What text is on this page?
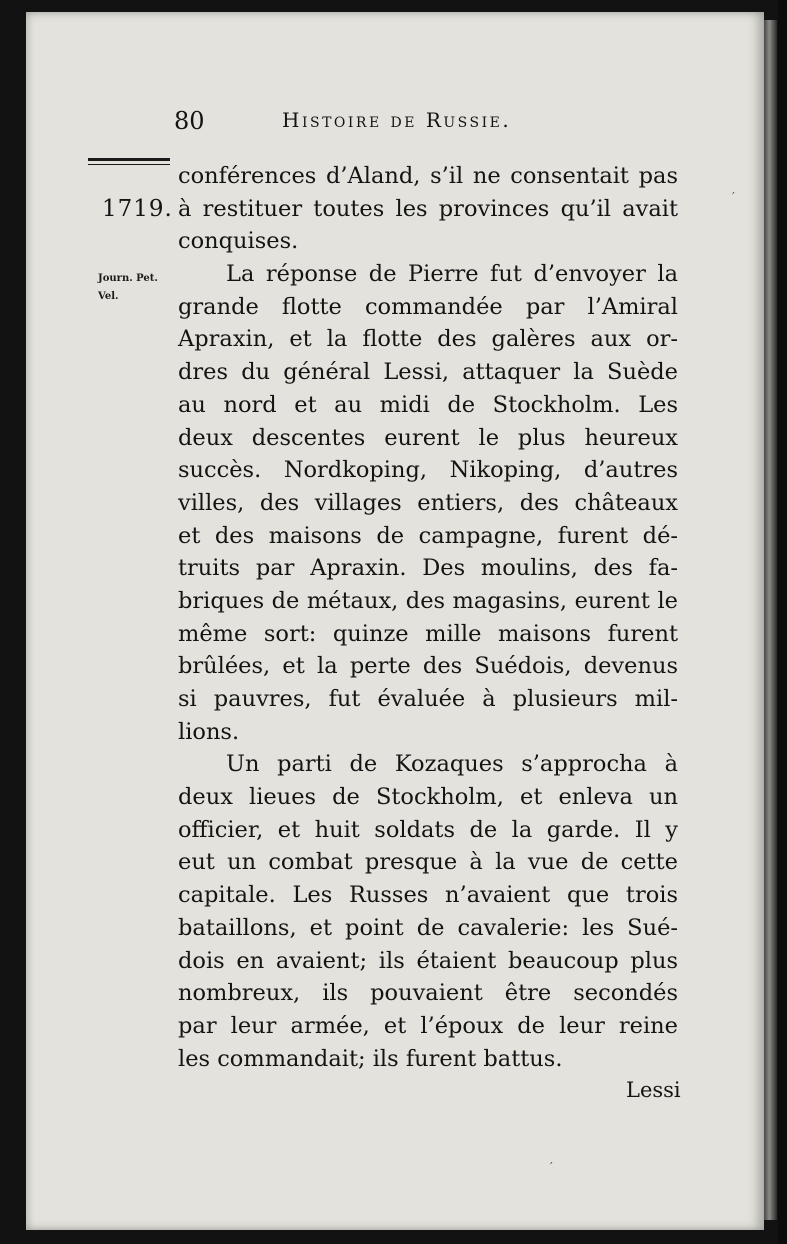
80	Histoire de Russie.
1719.
Journ. Pet.
Vel.
conférences d’Aland, s’il ne consentait pas
à restituer toutes les provinces qu’il avait
conquises.
La réponse de Pierre fut d’envoyer la
grande flotte commandée par l’Amiral
Apraxin, et la flotte des galères aux or-
dres du général Lessi, attaquer la Suède
au nord et au midi de Stockholm. Les
deux descentes eurent le plus heureux
succès. Nordkoping, Nikoping, d’autres
villes, des villages entiers, des châteaux
et des maisons de campagne, furent dé-
truits par Apraxin. Des moulins, des fa-
briques de métaux, des magasins, eurent le
même sort: quinze mille maisons furent
brûlées, et la perte des Suédois, devenus
si pauvres, fut évaluée à plusieurs mil-
lions.
Un parti de Kozaques s’approcha à
deux lieues de Stockholm, et enleva un
officier, et huit soldats de la garde. Il y
eut un combat presque à la vue de cette
capitale. Les Russes n’avaient que trois
bataillons, et point de cavalerie: les Sué-
dois en avaient; ils étaient beaucoup plus
nombreux, ils pouvaient être secondés
par leur armée, et l’époux de leur reine
les commandait; ils furent battus.
Lessi
′
′
